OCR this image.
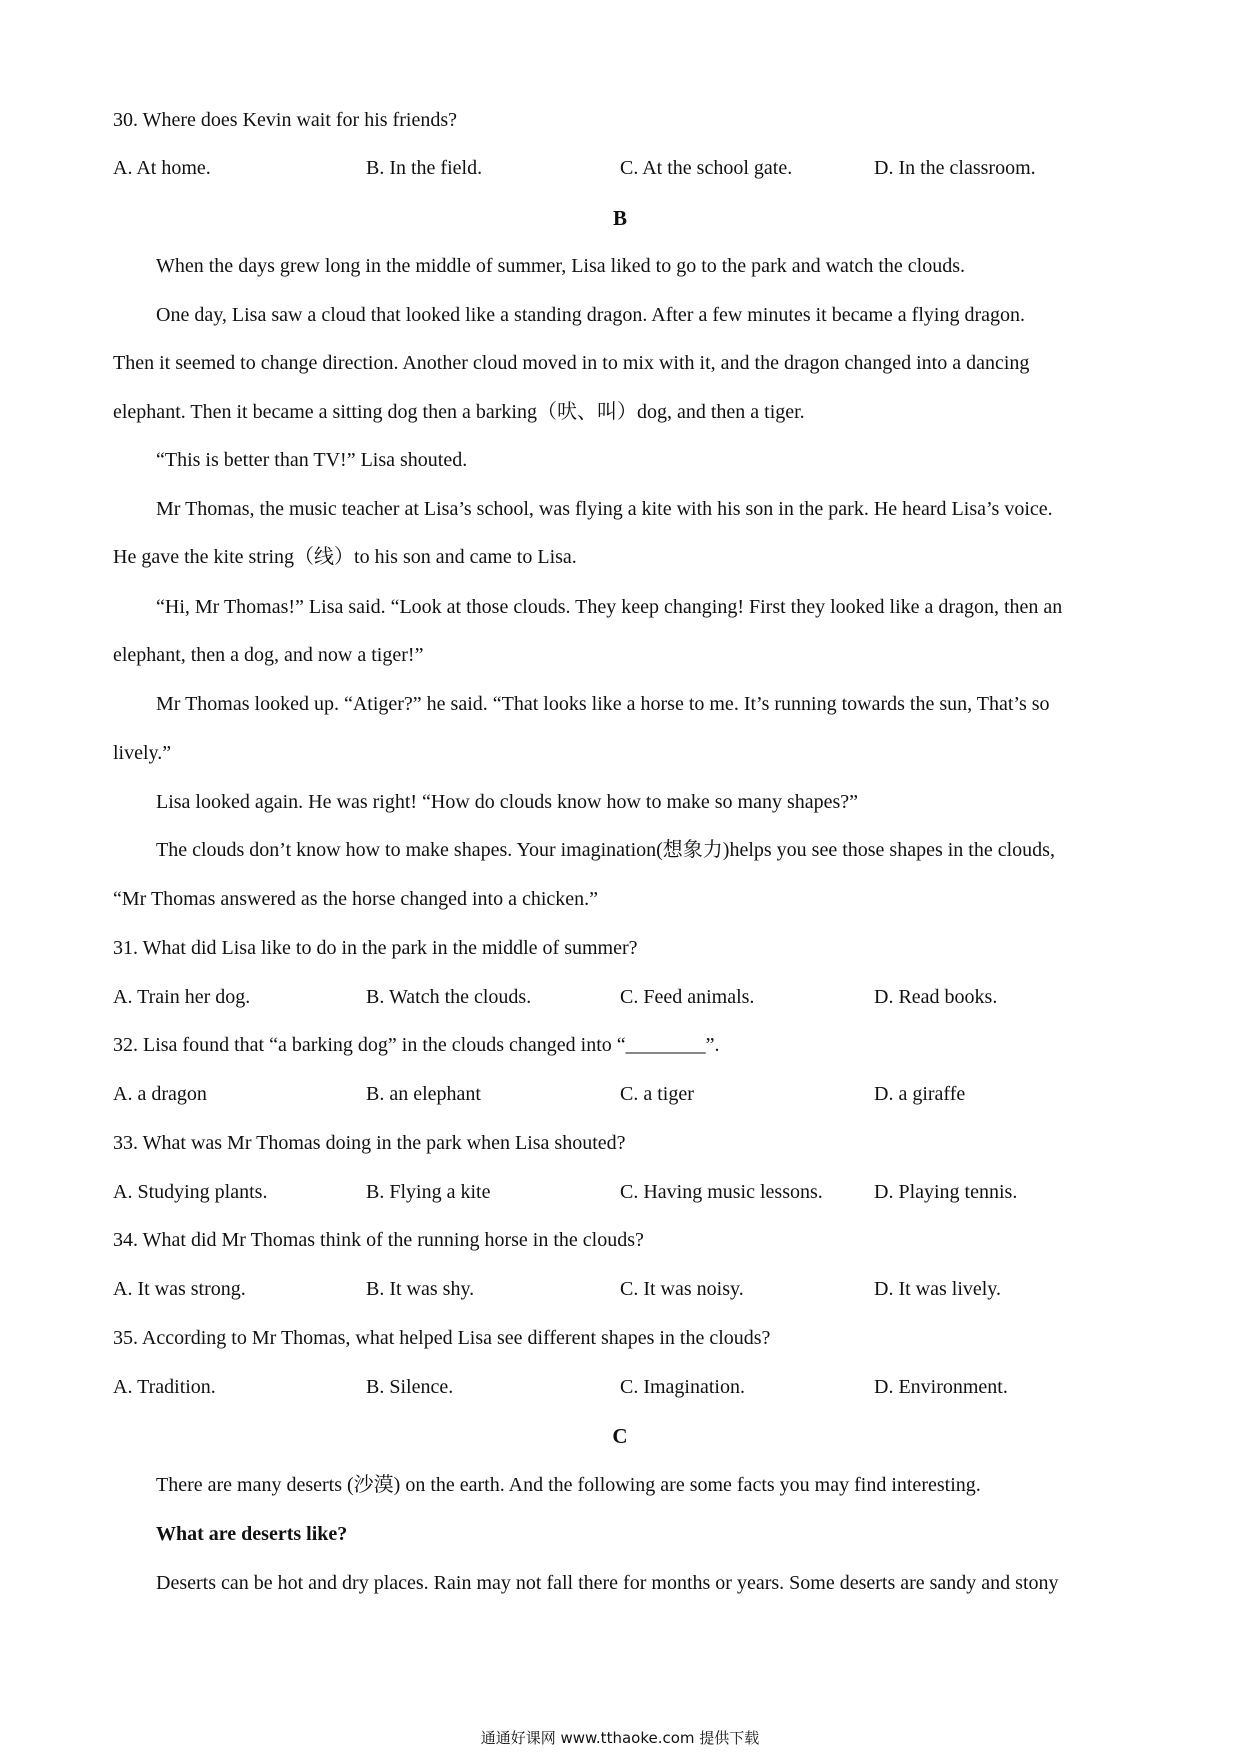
30. Where does Kevin wait for his friends?
A. At home.	B. In the field.	C. At the school gate.	D. In the classroom.
B
When the days grew long in the middle of summer, Lisa liked to go to the park and watch the clouds.
One day, Lisa saw a cloud that looked like a standing dragon. After a few minutes it became a flying dragon.
Then it seemed to change direction. Another cloud moved in to mix with it, and the dragon changed into a dancing
elephant. Then it became a sitting dog then a barking（吠、叫）dog, and then a tiger.
“This is better than TV!” Lisa shouted.
Mr Thomas, the music teacher at Lisa’s school, was flying a kite with his son in the park. He heard Lisa’s voice.
He gave the kite string（线）to his son and came to Lisa.
“Hi, Mr Thomas!” Lisa said. “Look at those clouds. They keep changing! First they looked like a dragon, then an
elephant, then a dog, and now a tiger!”
Mr Thomas looked up. “Atiger?” he said. “That looks like a horse to me. It’s running towards the sun, That’s so
lively.”
Lisa looked again. He was right! “How do clouds know how to make so many shapes?”
The clouds don’t know how to make shapes. Your imagination(想象力)helps you see those shapes in the clouds,
“Mr Thomas answered as the horse changed into a chicken.”
31. What did Lisa like to do in the park in the middle of summer?
A. Train her dog.	B. Watch the clouds.	C. Feed animals.	D. Read books.
32. Lisa found that “a barking dog” in the clouds changed into “________”.
A. a dragon	B. an elephant	C. a tiger	D. a giraffe
33. What was Mr Thomas doing in the park when Lisa shouted?
A. Studying plants.	B. Flying a kite	C. Having music lessons.	D. Playing tennis.
34. What did Mr Thomas think of the running horse in the clouds?
A. It was strong.	B. It was shy.	C. It was noisy.	D. It was lively.
35. According to Mr Thomas, what helped Lisa see different shapes in the clouds?
A. Tradition.	B. Silence.	C. Imagination.	D. Environment.
C
There are many deserts (沙漠) on the earth. And the following are some facts you may find interesting.
What are deserts like?
Deserts can be hot and dry places. Rain may not fall there for months or years. Some deserts are sandy and stony
通通好课网 www.tthaoke.com 提供下载
